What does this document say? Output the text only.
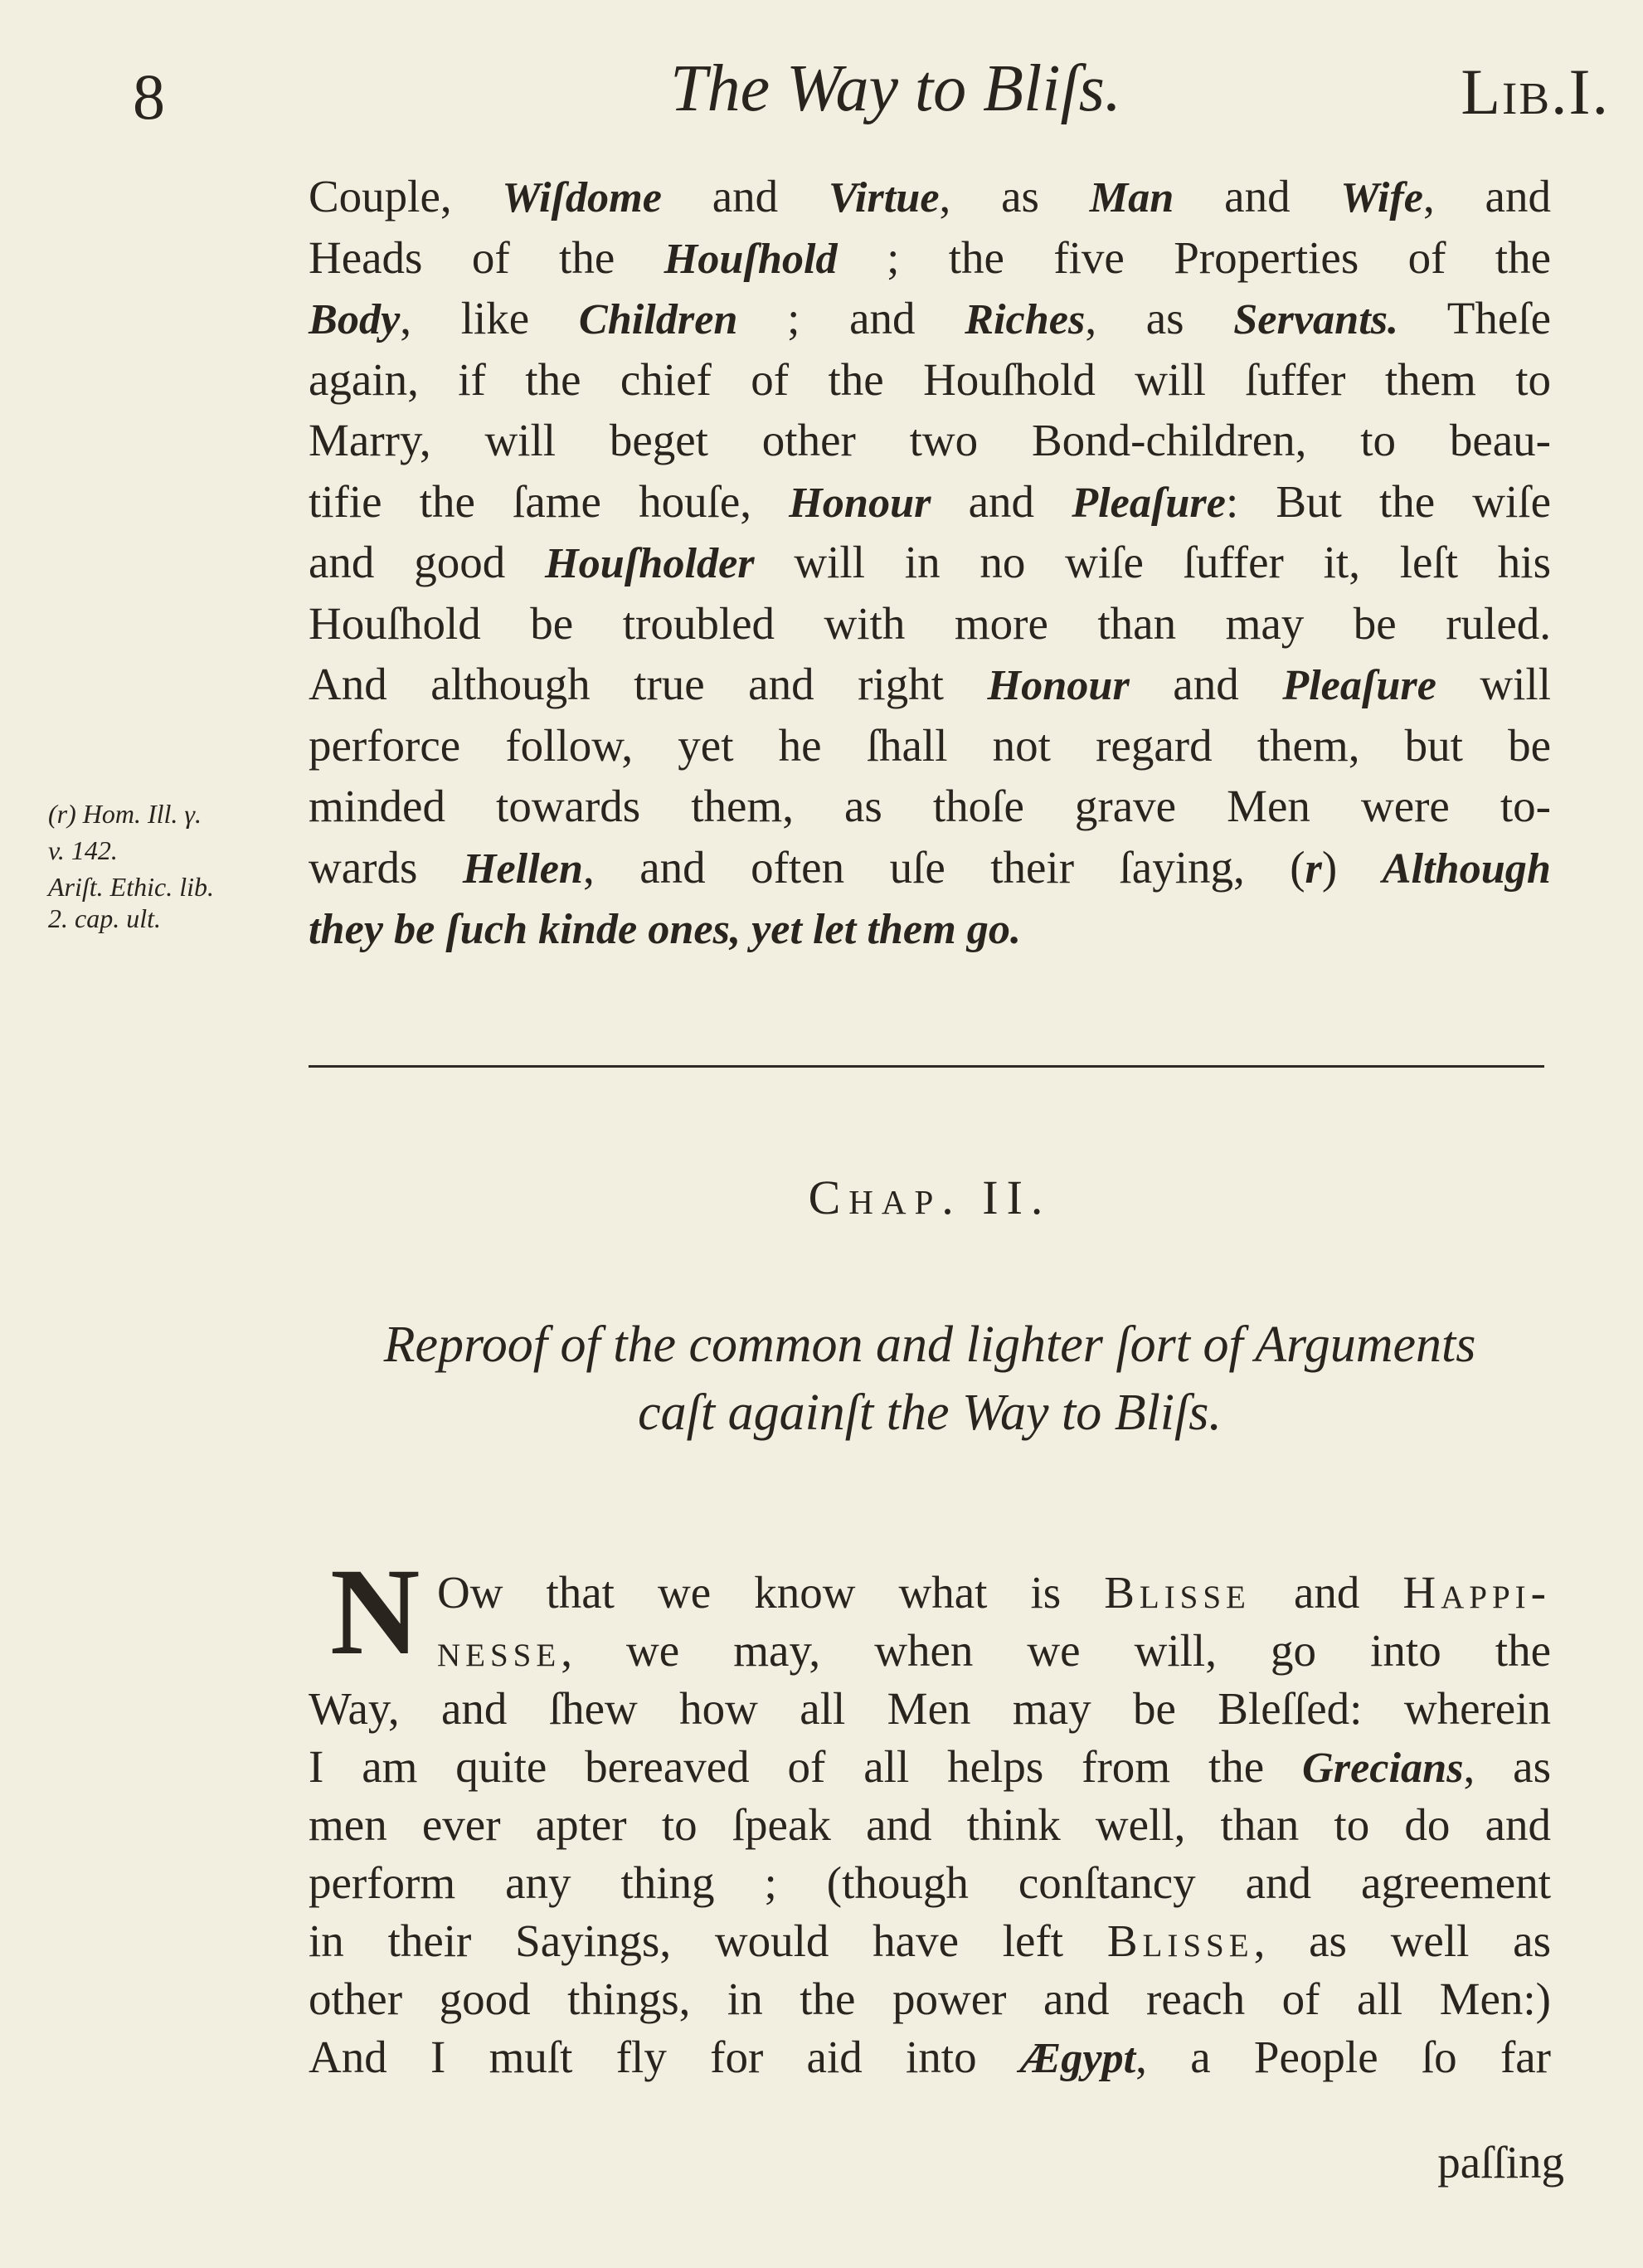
8	The Way to Bliſs.	Lib.I.
Couple, Wiſdome and Virtue, as Man and Wife, and
Heads of the Houſhold ; the five Properties of the
Body, like Children ; and Riches, as Servants. Theſe
again, if the chief of the Houſhold will ſuffer them to
Marry, will beget other two Bond-children, to beau-
tifie the ſame houſe, Honour and Pleaſure: But the wiſe
and good Houſholder will in no wiſe ſuffer it, leſt his
Houſhold be troubled with more than may be ruled.
And although true and right Honour and Pleaſure will
perforce follow, yet he ſhall not regard them, but be
minded towards them, as thoſe grave Men were to-
wards Hellen, and often uſe their ſaying, (r) Although
they be ſuch kinde ones, yet let them go.
(r) Hom. Ill. γ.
v. 142.
Ariſt. Ethic. lib.
2. cap. ult.
Chap. II.
Reproof of the common and lighter ſort of Arguments
caſt againſt the Way to Bliſs.
N Ow that we know what is Blisse and Happi-
nesse, we may, when we will, go into the
Way, and ſhew how all Men may be Bleſſed: wherein
I am quite bereaved of all helps from the Grecians, as
men ever apter to ſpeak and think well, than to do and
perform any thing ; (though conſtancy and agreement
in their Sayings, would have left Blisse, as well as
other good things, in the power and reach of all Men:)
And I muſt fly for aid into Ægypt, a People ſo far
paſſing
